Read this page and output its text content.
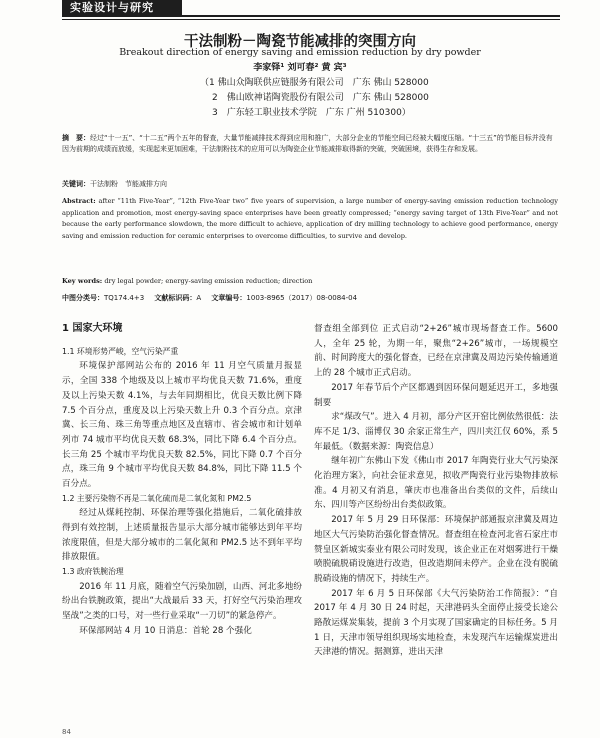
实验设计与研究
干法制粉－陶瓷节能减排的突围方向
Breakout direction of energy saving and emission reduction by dry powder
李家铎¹ 刘可春² 黄 宾³
（1 佛山众陶联供应链服务有限公司　广东 佛山 528000
2　佛山欧神诺陶瓷股份有限公司　广东 佛山 528000
3　广东轻工职业技术学院　广东 广州 510300）
摘　要：经过“十一五”、“十二五”两个五年的督查，大量节能减排技术得到应用和推广，大部分企业的节能空间已经被大幅度压缩。“十三五”的节能目标并没有因为前期的成绩而放缓，实现起来更加困难，干法制粉技术的应用可以为陶瓷企业节能减排取得新的突破，突破困境，获得生存和发展。
关键词：干法制粉　节能减排方向
Abstract: after “11th Five-Year”, “12th Five-Year two” five years of supervision, a large number of energy-saving emission reduction technology application and promotion, most energy-saving space enterprises have been greatly compressed; “energy saving target of 13th Five-Year” and not because the early performance slowdown, the more difficult to achieve, application of dry milling technology to achieve good performance, energy saving and emission reduction for ceramic enterprises to overcome difficulties, to survive and develop.
Key words: dry legal powder; energy-saving emission reduction; direction
中图分类号：TQ174.4+3 文献标识码：A 文章编号：1003-8965（2017）08-0084-04

1 国家大环境

1.1 环境形势严峻，空气污染严重

环境保护部网站公布的 2016 年 11 月空气质量月报显示，全国 338 个地级及以上城市平均优良天数 71.6%，重度及以上污染天数 4.1%，与去年同期相比，优良天数比例下降 7.5 个百分点，重度及以上污染天数上升 0.3 个百分点。京津冀、长三角、珠三角等重点地区及直辖市、省会城市和计划单列市 74 城市平均优良天数 68.3%，同比下降 6.4 个百分点。长三角 25 个城市平均优良天数 82.5%，同比下降 0.7 个百分点，珠三角 9 个城市平均优良天数 84.8%，同比下降 11.5 个百分点。

1.2 主要污染物不再是二氧化硫而是二氧化氮和 PM2.5

经过从煤耗控制、环保治理等强化措施后，二氧化硫排放得到有效控制，上述质量报告显示大部分城市能够达到年平均浓度限值，但是大部分城市的二氧化氮和 PM2.5 达不到年平均排放限值。

1.3 政府铁腕治理

2016 年 11 月底，随着空气污染加剧，山西、河北多地纷纷出台铁腕政策，提出“大战最后 33 天，打好空气污染治理攻坚战”之类的口号，对一些行业采取“一刀切”的紧急停产。

环保部网站 4 月 10 日消息：首轮 28 个强化

督查组全部到位 正式启动“2+26”城市现场督查工作。5600 人，全年 25 轮，为期一年，聚焦“2+26”城市，一场规模空前、时间跨度大的强化督查，已经在京津冀及周边污染传输通道上的 28 个城市正式启动。

2017 年春节后个产区都遇到因环保问题延迟开工，多地强制要

求“煤改气”。进入 4 月初，部分产区开窑比例依然很低：法库不足 1/3、淄博仅 30 余家正常生产，四川夹江仅 60%，系 5 年最低。（数据来源：陶瓷信息）

继年初广东佛山下发《佛山市 2017 年陶瓷行业大气污染深化治理方案》，向社会征求意见，拟收严陶瓷行业污染物排放标准。4 月初又有消息，肇庆市也准备出台类似的文件，后续山东、四川等产区纷纷出台类似政策。

2017 年 5 月 29 日环保部：环境保护部通报京津冀及周边地区大气污染防治强化督查情况。督查组在检查河北省石家庄市赞皇区新城实泰业有限公司时发现，该企业正在对烟雾进行干燥喷脱硫脱硝设施进行改造，但改造期间未停产。企业在没有脱硫脱硝设施的情况下，持续生产。

2017 年 6 月 5 日环保部《大气污染防治工作简报》：“自 2017 年 4 月 30 日 24 时起，天津港码头全面停止接受长途公路散运煤炭集装，提前 3 个月实现了国家确定的目标任务。5 月 1 日，天津市领导组织现场实地检查，未发现汽车运输煤炭进出天津港的情况。据测算，进出天津

84
